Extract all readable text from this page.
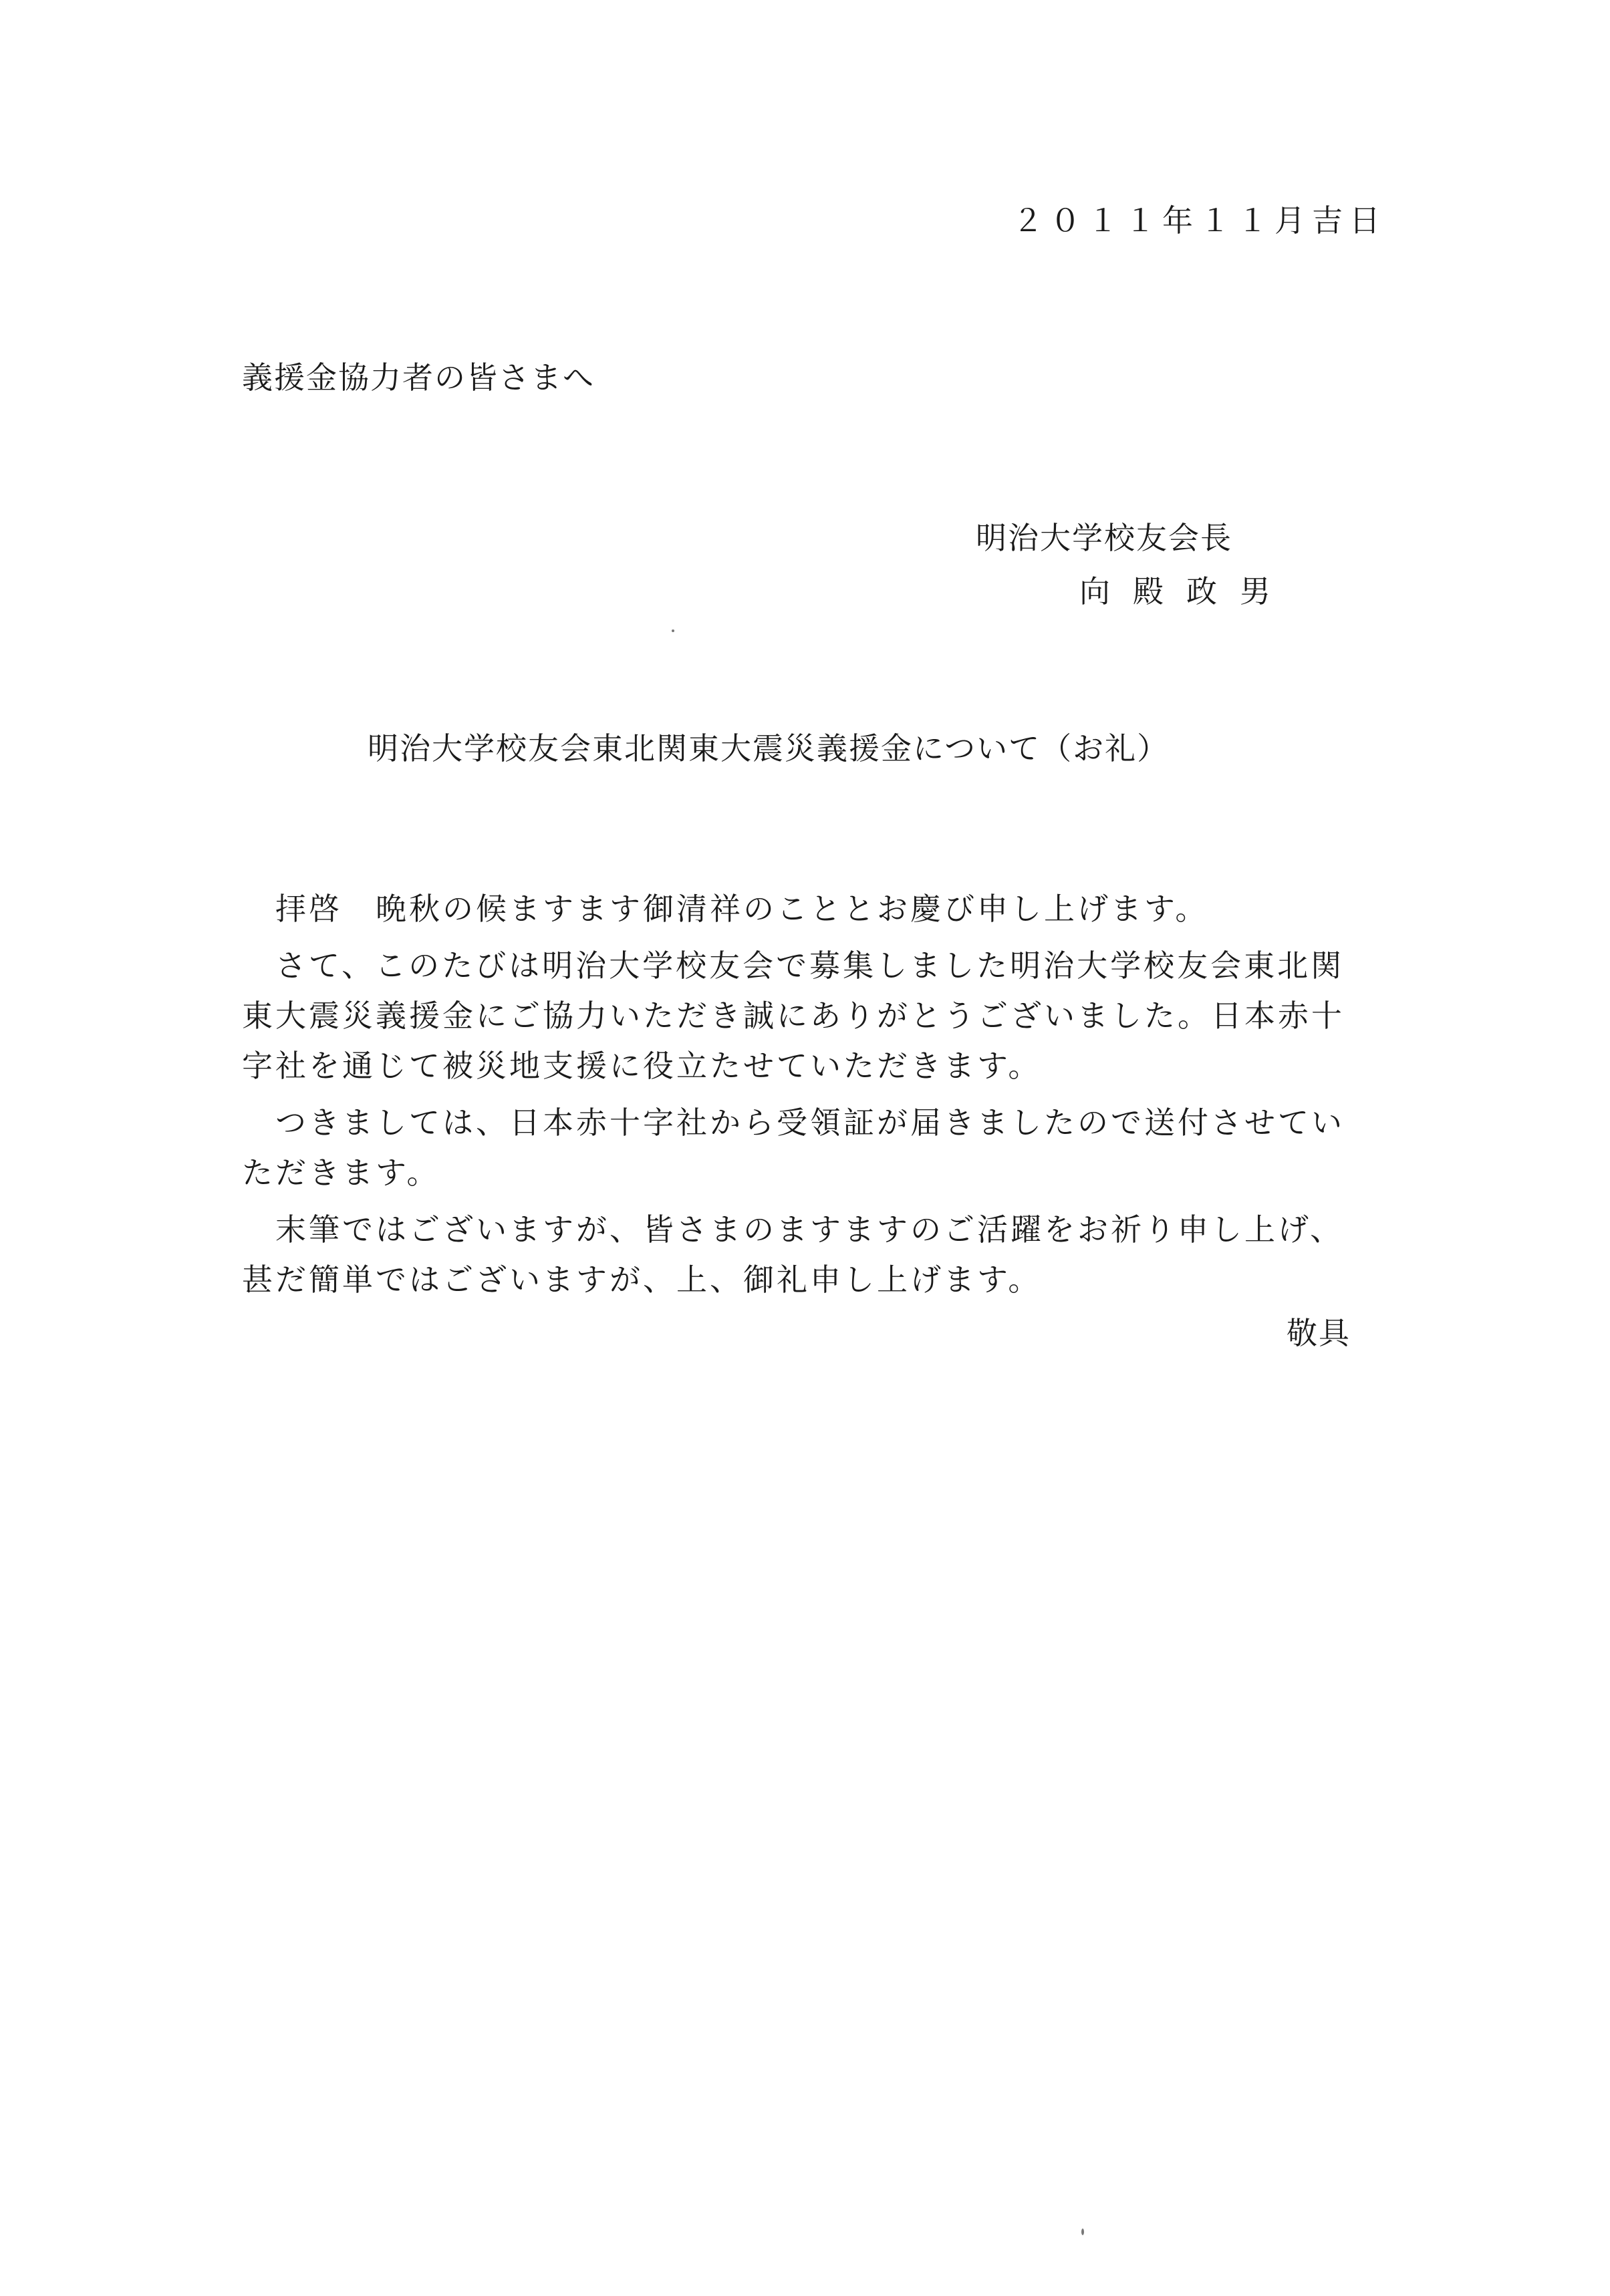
２０１１年１１月吉日
義援金協力者の皆さまへ
明治大学校友会長
向殿政男
明治大学校友会東北関東大震災義援金について（お礼）
　拝啓　晩秋の候ますます御清祥のこととお慶び申し上げます。
　さて、このたびは明治大学校友会で募集しました明治大学校友会東北関
東大震災義援金にご協力いただき誠にありがとうございました。日本赤十
字社を通じて被災地支援に役立たせていただきます。
　つきましては、日本赤十字社から受領証が届きましたので送付させてい
ただきます。
　末筆ではございますが、皆さまのますますのご活躍をお祈り申し上げ、
甚だ簡単ではございますが、上、御礼申し上げます。
敬具
